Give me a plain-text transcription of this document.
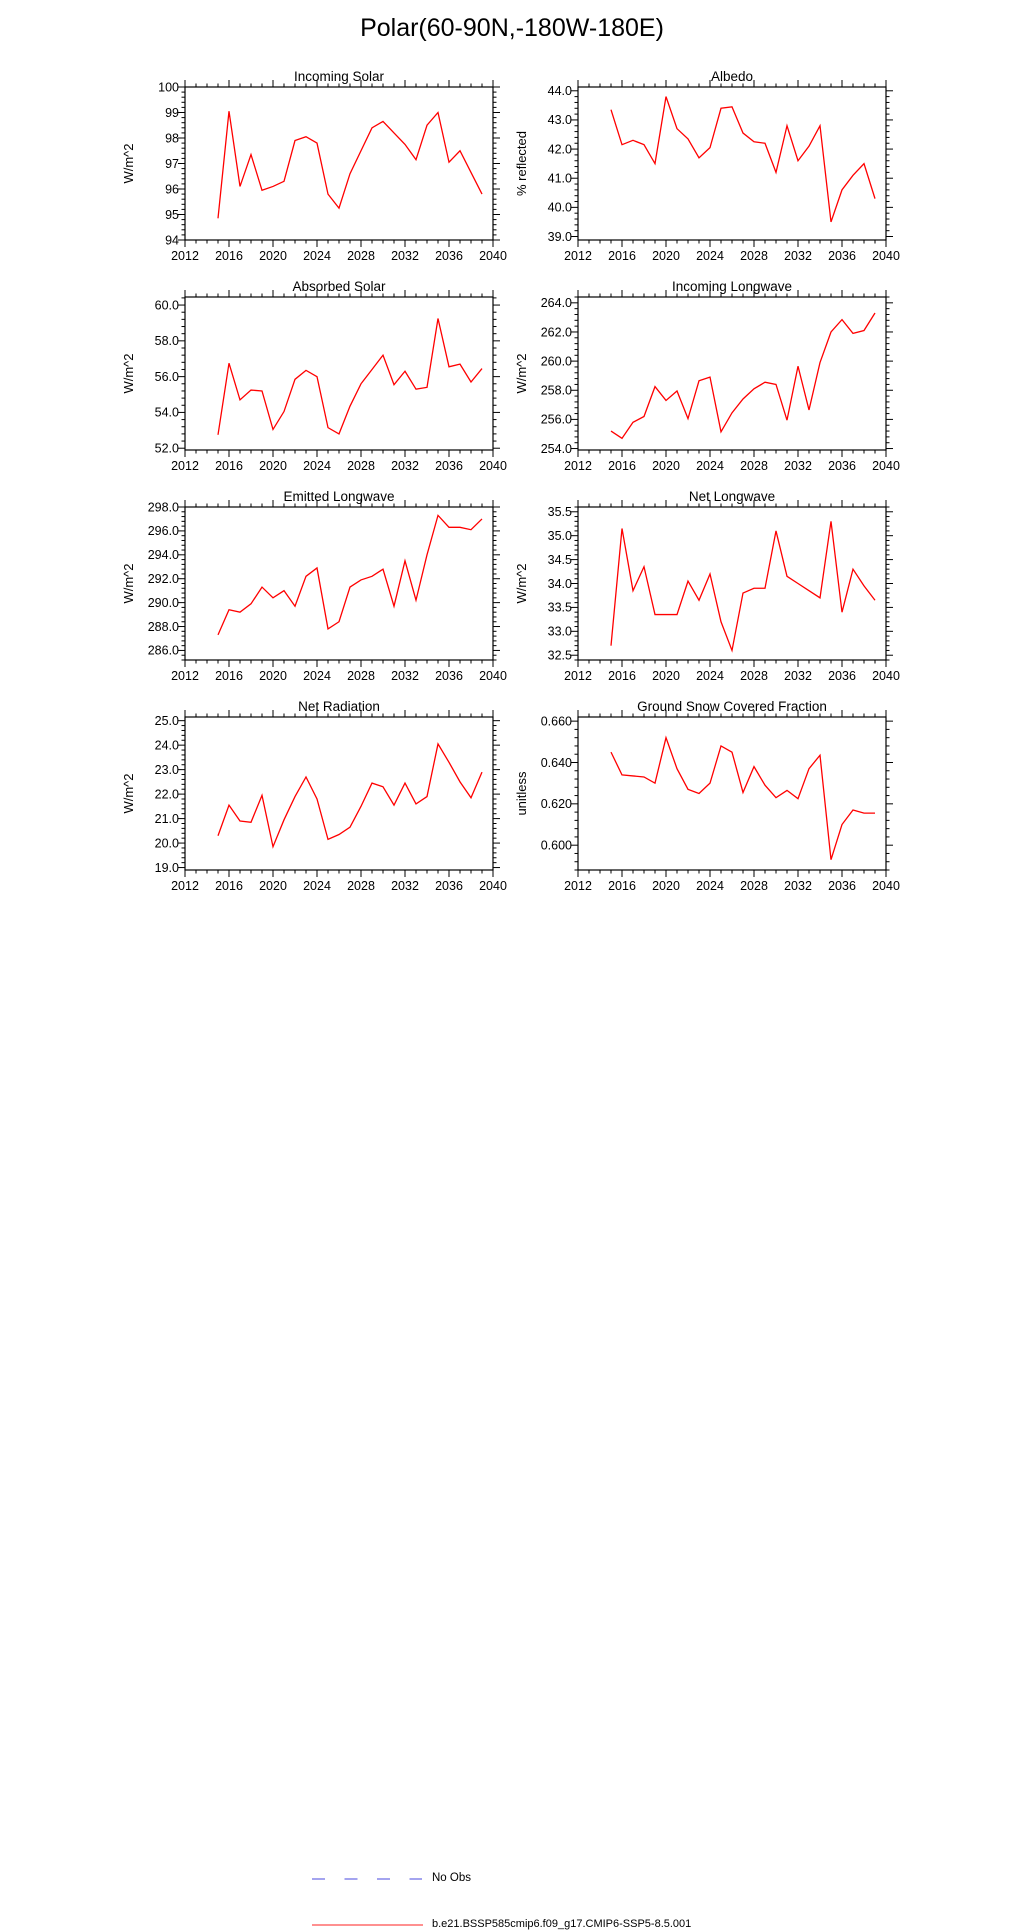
Polar(60-90N,-180W-180E)
Incoming Solar
2012 2016 2020 2024 2028 2032 2036 2040
94
95
96
97
98
99
100
W/m^2
Albedo
2012 2016 2020 2024 2028 2032 2036 2040
39.0
40.0
41.0
42.0
43.0
44.0
% reflected
Absorbed Solar
2012 2016 2020 2024 2028 2032 2036 2040
52.0
54.0
56.0
58.0
60.0
W/m^2
Incoming Longwave
2012 2016 2020 2024 2028 2032 2036 2040
254.0
256.0
258.0
260.0
262.0
264.0
W/m^2
Emitted Longwave
2012 2016 2020 2024 2028 2032 2036 2040
286.0
288.0
290.0
292.0
294.0
296.0
298.0
W/m^2
Net Longwave
2012 2016 2020 2024 2028 2032 2036 2040
32.5
33.0
33.5
34.0
34.5
35.0
35.5
W/m^2
Net Radiation
2012 2016 2020 2024 2028 2032 2036 2040
19.0
20.0
21.0
22.0
23.0
24.0
25.0
W/m^2
Ground Snow Covered Fraction
2012 2016 2020 2024 2028 2032 2036 2040
0.600
0.620
0.640
0.660
unitless
No Obs
b.e21.BSSP585cmip6.f09_g17.CMIP6-SSP5-8.5.001
